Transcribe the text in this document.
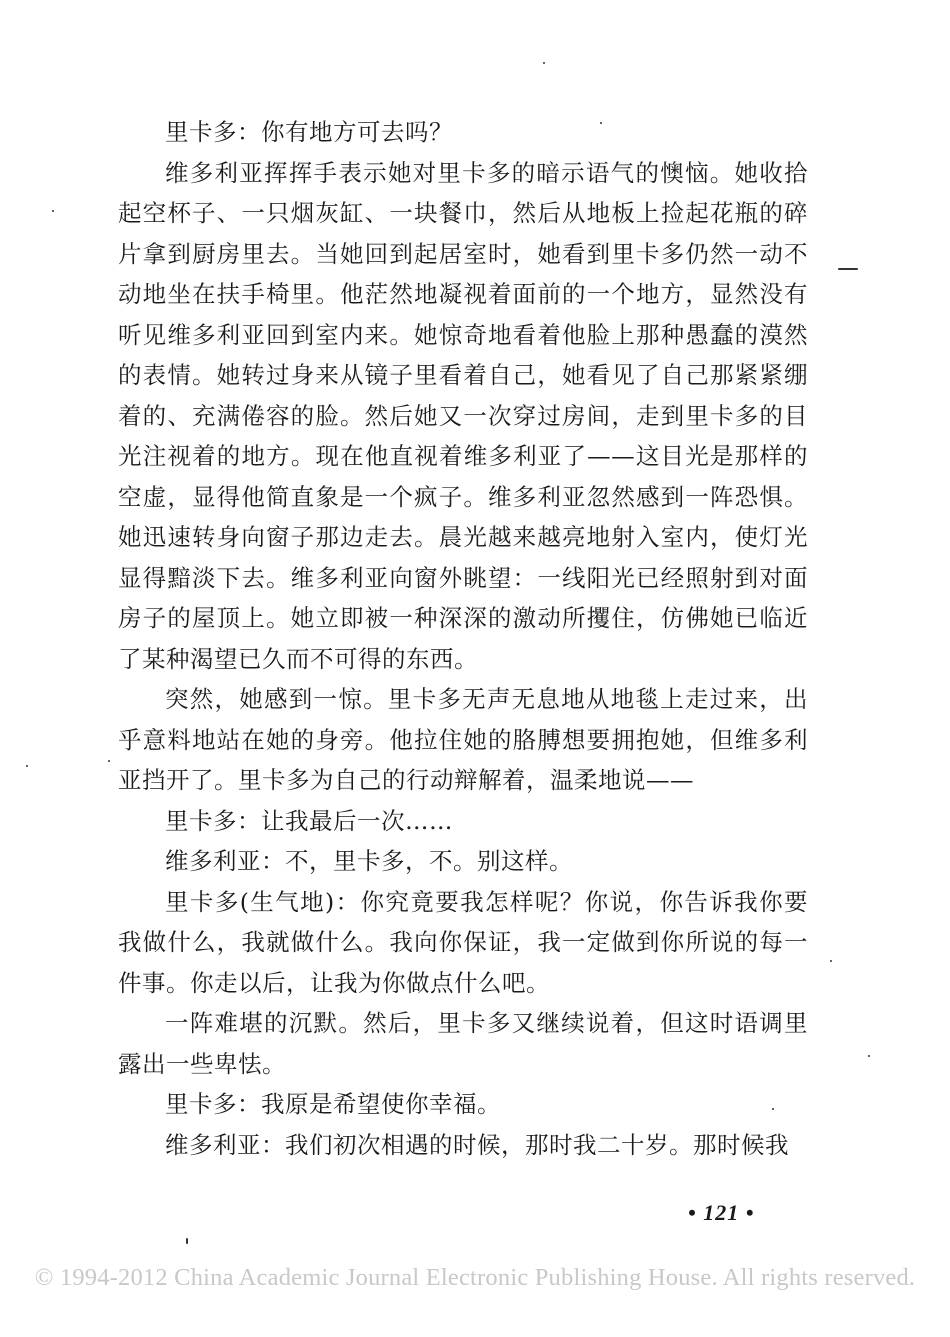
里卡多：你有地方可去吗？

维多利亚挥挥手表示她对里卡多的暗示语气的懊恼。她收拾起空杯子、一只烟灰缸、一块餐巾，然后从地板上捡起花瓶的碎片拿到厨房里去。当她回到起居室时，她看到里卡多仍然一动不动地坐在扶手椅里。他茫然地凝视着面前的一个地方，显然没有听见维多利亚回到室内来。她惊奇地看着他脸上那种愚蠢的漠然的表情。她转过身来从镜子里看着自己，她看见了自己那紧紧绷着的、充满倦容的脸。然后她又一次穿过房间，走到里卡多的目光注视着的地方。现在他直视着维多利亚了——这目光是那样的空虚，显得他简直象是一个疯子。维多利亚忽然感到一阵恐惧。她迅速转身向窗子那边走去。晨光越来越亮地射入室内，使灯光显得黯淡下去。维多利亚向窗外眺望：一线阳光已经照射到对面房子的屋顶上。她立即被一种深深的激动所攫住，仿佛她已临近了某种渴望已久而不可得的东西。

突然，她感到一惊。里卡多无声无息地从地毯上走过来，出乎意料地站在她的身旁。他拉住她的胳膊想要拥抱她，但维多利亚挡开了。里卡多为自己的行动辩解着，温柔地说——

里卡多：让我最后一次……

维多利亚：不，里卡多，不。别这样。

里卡多(生气地)：你究竟要我怎样呢？你说，你告诉我你要我做什么，我就做什么。我向你保证，我一定做到你所说的每一件事。你走以后，让我为你做点什么吧。

一阵难堪的沉默。然后，里卡多又继续说着，但这时语调里露出一些卑怯。

里卡多：我原是希望使你幸福。

维多利亚：我们初次相遇的时候，那时我二十岁。那时候我

• 121 •
© 1994-2012 China Academic Journal Electronic Publishing House. All rights reserved.
